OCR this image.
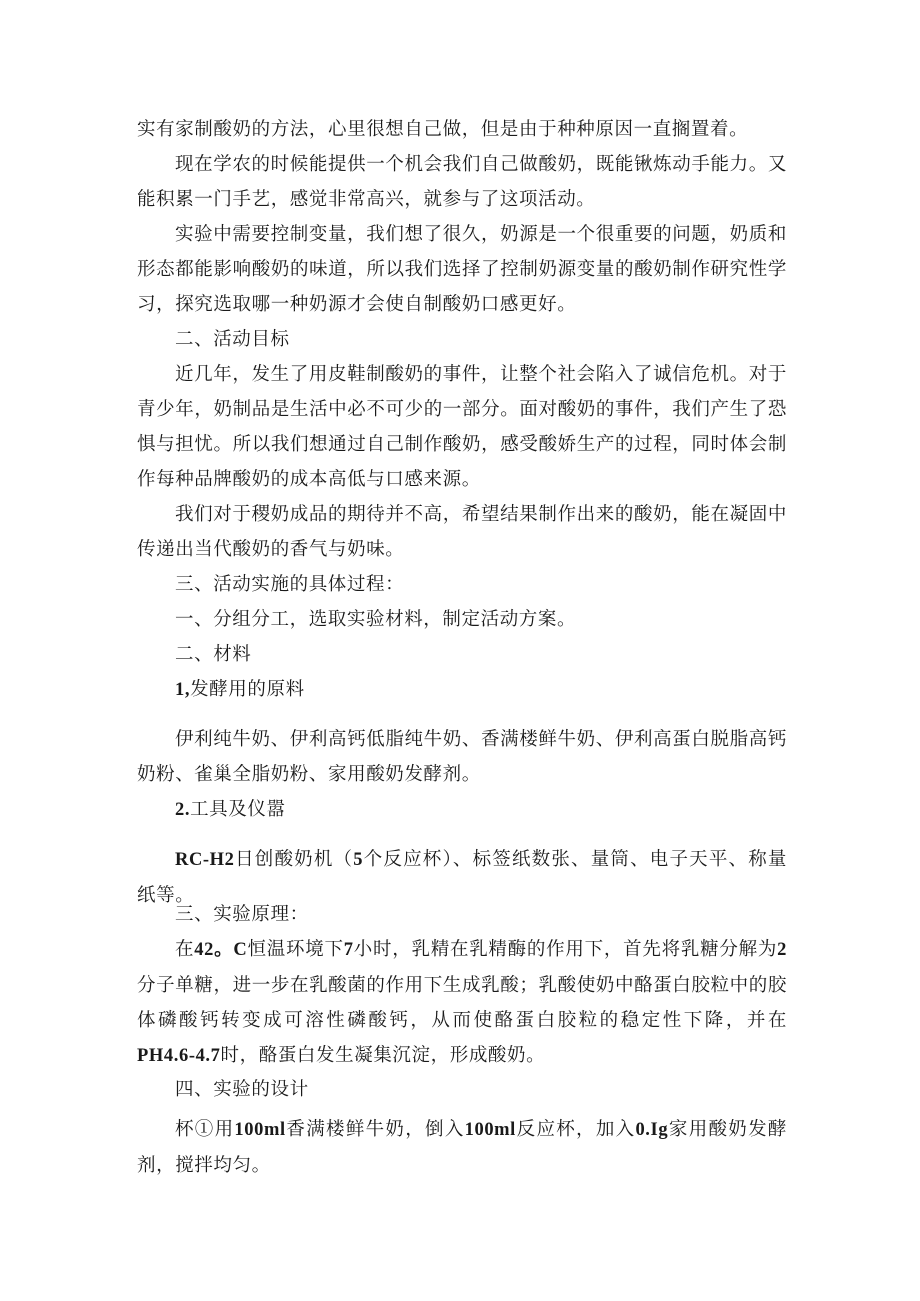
实有家制酸奶的方法，心里很想自己做，但是由于种种原因一直搁置着。

现在学农的时候能提供一个机会我们自己做酸奶，既能锹炼动手能力。又能积累一门手艺，感觉非常高兴，就参与了这项活动。

实验中需要控制变量，我们想了很久，奶源是一个很重要的问题，奶质和形态都能影响酸奶的味道，所以我们选择了控制奶源变量的酸奶制作研究性学习，探究选取哪一种奶源才会使自制酸奶口感更好。

二、活动目标

近几年，发生了用皮鞋制酸奶的事件，让整个社会陷入了诚信危机。对于青少年，奶制品是生活中必不可少的一部分。面对酸奶的事件，我们产生了恐惧与担忧。所以我们想通过自己制作酸奶，感受酸娇生产的过程，同时体会制作每种品牌酸奶的成本高低与口感来源。

我们对于稷奶成品的期待并不高，希望结果制作出来的酸奶，能在凝固中传递出当代酸奶的香气与奶味。

三、活动实施的具体过程：

一、分组分工，选取实验材料，制定活动方案。

二、材料

1,发酵用的原料

伊利纯牛奶、伊利高钙低脂纯牛奶、香满楼鲜牛奶、伊利高蛋白脱脂高钙奶粉、雀巢全脂奶粉、家用酸奶发酵剂。

2.工具及仪嚣

RC-H2日创酸奶机（5个反应杯）、标签纸数张、量筒、电子天平、称量纸等。

三、实验原理：

在42。C恒温环境下7小时，乳精在乳精酶的作用下，首先将乳糖分解为2分子单糖，进一步在乳酸菌的作用下生成乳酸；乳酸使奶中酪蛋白胶粒中的胶体磷酸钙转变成可溶性磷酸钙，从而使酪蛋白胶粒的稳定性下降，并在PH4.6-4.7时，酪蛋白发生凝集沉淀，形成酸奶。

四、实验的设计

杯①用100ml香满楼鲜牛奶，倒入100ml反应杯，加入0.Ig家用酸奶发酵剂，搅拌均匀。
